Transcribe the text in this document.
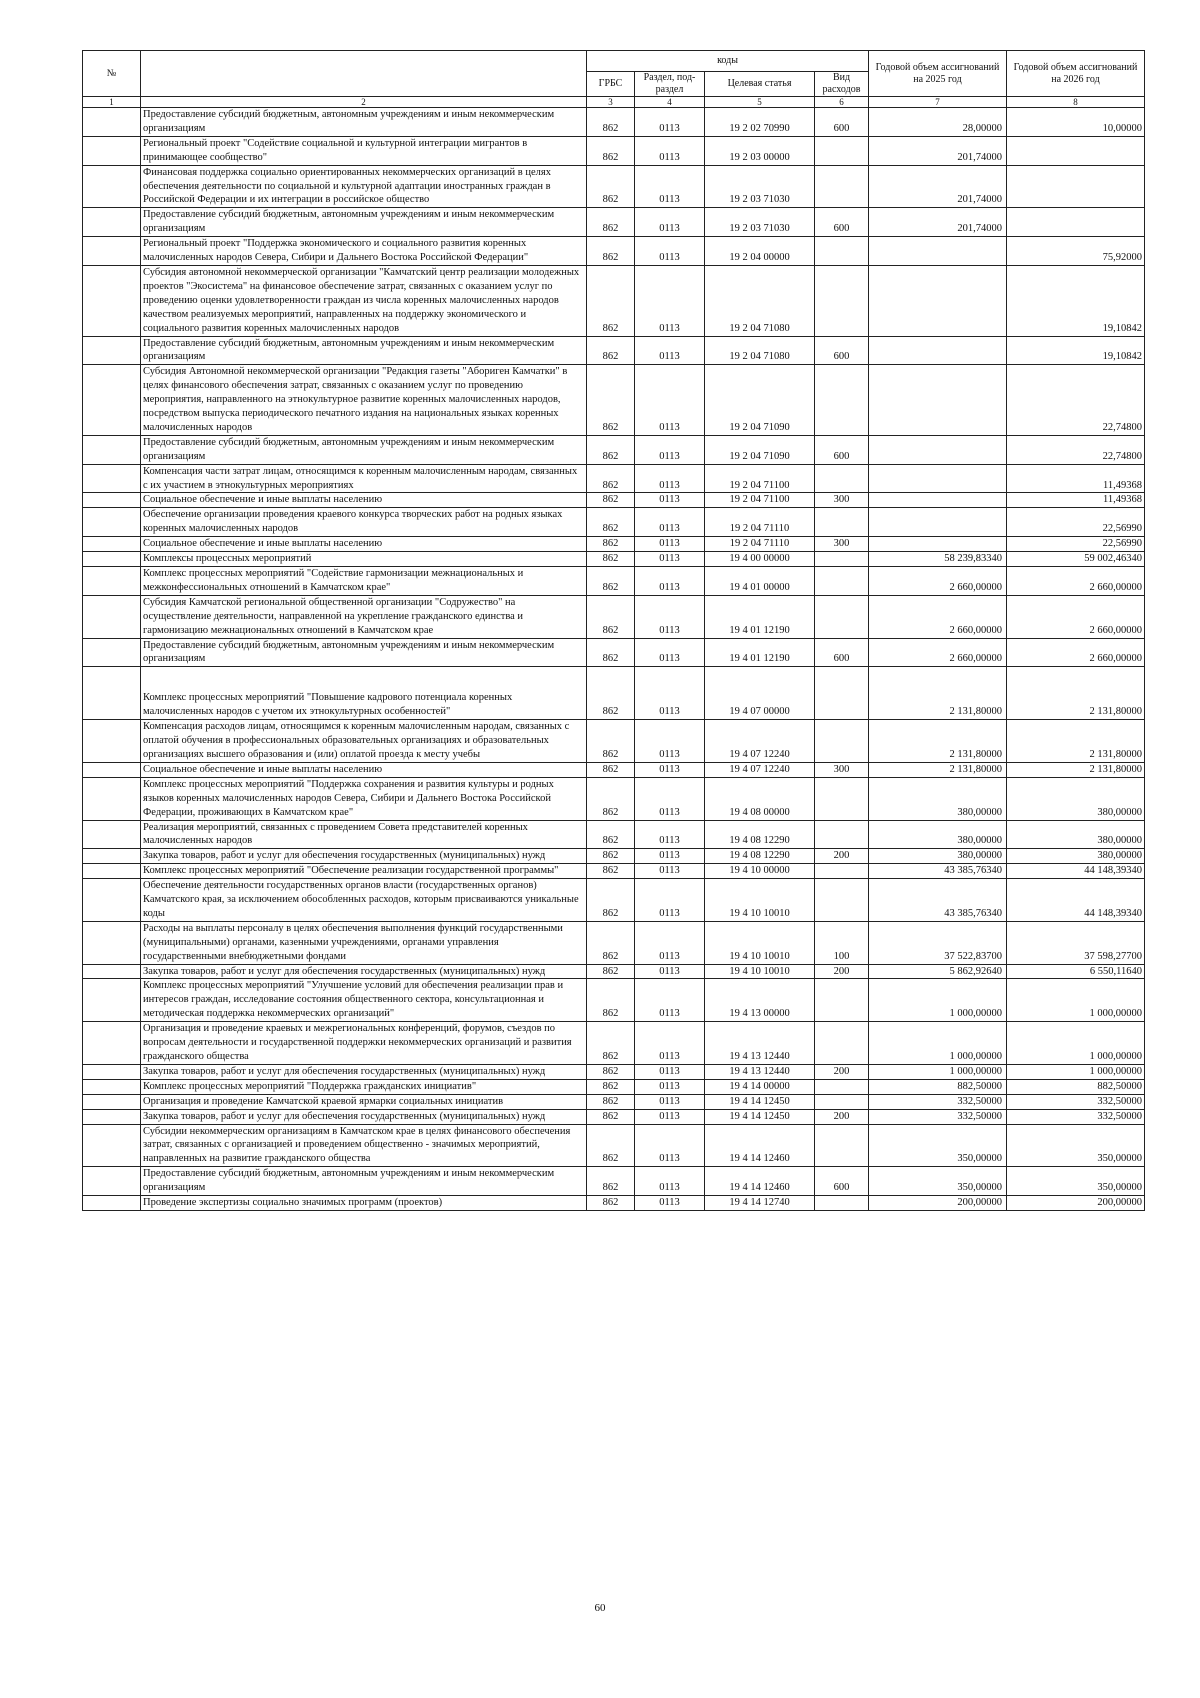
№		коды				Годовой объем ассигнований на 2025 год	Годовой объем ассигнований на 2026 год
		ГРБС	Раздел, под-раздел	Целевая статья	Вид расходов		
1	2	3	4	5	6	7	8
	Предоставление субсидий бюджетным, автономным учреждениям и иным некоммерческим организациям	862	0113	19 2 02 70990	600	28,00000	10,00000
	Региональный проект "Содействие социальной и культурной интеграции мигрантов в принимающее сообщество"	862	0113	19 2 03 00000		201,74000	
	Финансовая поддержка социально ориентированных некоммерческих организаций в целях обеспечения деятельности по социальной и культурной адаптации иностранных граждан в Российской Федерации и их интеграции в российское общество	862	0113	19 2 03 71030		201,74000	
	Предоставление субсидий бюджетным, автономным учреждениям и иным некоммерческим организациям	862	0113	19 2 03 71030	600	201,74000	
	Региональный проект "Поддержка экономического и социального развития коренных малочисленных народов Севера, Сибири и Дальнего Востока Российской Федерации"	862	0113	19 2 04 00000			75,92000
	Субсидия автономной некоммерческой организации "Камчатский центр реализации молодежных проектов "Экосистема" на финансовое обеспечение затрат, связанных с оказанием услуг по проведению оценки удовлетворенности граждан из числа коренных малочисленных народов качеством реализуемых мероприятий, направленных на поддержку экономического и социального развития коренных малочисленных народов	862	0113	19 2 04 71080			19,10842
	Предоставление субсидий бюджетным, автономным учреждениям и иным некоммерческим организациям	862	0113	19 2 04 71080	600		19,10842
	Субсидия Автономной некоммерческой организации "Редакция газеты "Абориген Камчатки" в целях финансового обеспечения затрат, связанных с оказанием услуг по проведению мероприятия, направленного на этнокультурное развитие коренных малочисленных народов, посредством выпуска периодического печатного издания на национальных языках коренных малочисленных народов	862	0113	19 2 04 71090			22,74800
	Предоставление субсидий бюджетным, автономным учреждениям и иным некоммерческим организациям	862	0113	19 2 04 71090	600		22,74800
	Компенсация части затрат лицам, относящимся к коренным малочисленным народам, связанных с их участием в этнокультурных мероприятиях	862	0113	19 2 04 71100			11,49368
	Социальное обеспечение и иные выплаты населению	862	0113	19 2 04 71100	300		11,49368
	Обеспечение организации проведения краевого конкурса творческих работ на родных языках коренных малочисленных народов	862	0113	19 2 04 71110			22,56990
	Социальное обеспечение и иные выплаты населению	862	0113	19 2 04 71110	300		22,56990
	Комплексы процессных мероприятий	862	0113	19 4 00 00000		58 239,83340	59 002,46340
	Комплекс процессных мероприятий "Содействие гармонизации межнациональных и межконфессиональных отношений в Камчатском крае"	862	0113	19 4 01 00000		2 660,00000	2 660,00000
	Субсидия Камчатской региональной общественной организации "Содружество" на осуществление деятельности, направленной на укрепление гражданского единства и гармонизацию межнациональных отношений в Камчатском крае	862	0113	19 4 01 12190		2 660,00000	2 660,00000
	Предоставление субсидий бюджетным, автономным учреждениям и иным некоммерческим организациям	862	0113	19 4 01 12190	600	2 660,00000	2 660,00000
	Комплекс процессных мероприятий "Повышение кадрового потенциала коренных малочисленных народов с учетом их этнокультурных особенностей"	862	0113	19 4 07 00000		2 131,80000	2 131,80000
	Компенсация расходов лицам, относящимся к коренным малочисленным народам, связанных с оплатой обучения в профессиональных образовательных организациях и образовательных организациях высшего образования и (или) оплатой проезда к месту учебы	862	0113	19 4 07 12240		2 131,80000	2 131,80000
	Социальное обеспечение и иные выплаты населению	862	0113	19 4 07 12240	300	2 131,80000	2 131,80000
	Комплекс процессных мероприятий "Поддержка сохранения и развития культуры и родных языков коренных малочисленных народов Севера, Сибири и Дальнего Востока Российской Федерации, проживающих в Камчатском крае"	862	0113	19 4 08 00000		380,00000	380,00000
	Реализация мероприятий, связанных с проведением Совета представителей коренных малочисленных народов	862	0113	19 4 08 12290		380,00000	380,00000
	Закупка товаров, работ и услуг для обеспечения государственных (муниципальных) нужд	862	0113	19 4 08 12290	200	380,00000	380,00000
	Комплекс процессных мероприятий "Обеспечение реализации государственной программы"	862	0113	19 4 10 00000		43 385,76340	44 148,39340
	Обеспечение деятельности государственных органов власти (государственных органов) Камчатского края, за исключением обособленных расходов, которым присваиваются уникальные коды	862	0113	19 4 10 10010		43 385,76340	44 148,39340
	Расходы на выплаты персоналу в целях обеспечения выполнения функций государственными (муниципальными) органами, казенными учреждениями, органами управления государственными внебюджетными фондами	862	0113	19 4 10 10010	100	37 522,83700	37 598,27700
	Закупка товаров, работ и услуг для обеспечения государственных (муниципальных) нужд	862	0113	19 4 10 10010	200	5 862,92640	6 550,11640
	Комплекс процессных мероприятий "Улучшение условий для обеспечения реализации прав и интересов граждан, исследование состояния общественного сектора, консультационная и методическая поддержка некоммерческих организаций"	862	0113	19 4 13 00000		1 000,00000	1 000,00000
	Организация и проведение краевых и межрегиональных конференций, форумов, съездов по вопросам деятельности и государственной поддержки некоммерческих организаций и развития гражданского общества	862	0113	19 4 13 12440		1 000,00000	1 000,00000
	Закупка товаров, работ и услуг для обеспечения государственных (муниципальных) нужд	862	0113	19 4 13 12440	200	1 000,00000	1 000,00000
	Комплекс процессных мероприятий "Поддержка гражданских инициатив"	862	0113	19 4 14 00000		882,50000	882,50000
	Организация и проведение Камчатской краевой ярмарки социальных инициатив	862	0113	19 4 14 12450		332,50000	332,50000
	Закупка товаров, работ и услуг для обеспечения государственных (муниципальных) нужд	862	0113	19 4 14 12450	200	332,50000	332,50000
	Субсидии некоммерческим организациям в Камчатском крае в целях финансового обеспечения затрат, связанных с организацией и проведением общественно - значимых мероприятий, направленных на развитие гражданского общества	862	0113	19 4 14 12460		350,00000	350,00000
	Предоставление субсидий бюджетным, автономным учреждениям и иным некоммерческим организациям	862	0113	19 4 14 12460	600	350,00000	350,00000
	Проведение экспертизы социально значимых программ (проектов)	862	0113	19 4 14 12740		200,00000	200,00000
60
